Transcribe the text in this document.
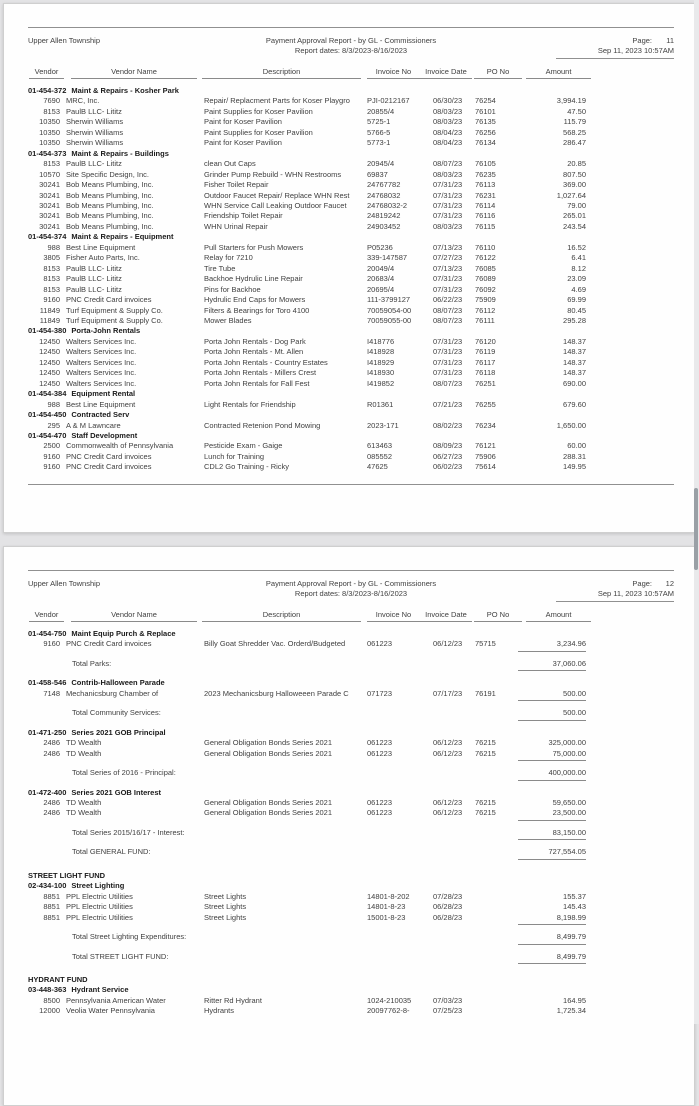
Upper Allen Township	Payment Approval Report - by GL - Commissioners
Report dates: 8/3/2023-8/16/2023
Page: 11
Sep 11, 2023 10:57AM
Vendor	Vendor Name	Description	Invoice No	Invoice Date	PO No	Amount
01-454-372 Maint & Repairs - Kosher Park
7690 MRC, Inc.	Repair/ Replacment Parts for Koser Playgro	PJI-0212167	06/30/23	76254	3,994.19
8153 PaulB LLC- Lititz	Paint Supplies for Koser Pavilion	20855/4	08/03/23	76101	47.50
10350 Sherwin Williams	Paint for Koser Pavilion	5725-1	08/03/23	76135	115.79
10350 Sherwin Williams	Paint Supplies for Koser Pavilion	5766-5	08/04/23	76256	568.25
10350 Sherwin Williams	Paint for Koser Pavilion	5773-1	08/04/23	76134	286.47
01-454-373 Maint & Repairs - Buildings
8153 PaulB LLC- Lititz	clean Out Caps	20945/4	08/07/23	76105	20.85
10570 Site Specific Design, Inc.	Grinder Pump Rebuild - WHN Restrooms	69837	08/03/23	76235	807.50
30241 Bob Means Plumbing, Inc.	Fisher Toilet Repair	24767782	07/31/23	76113	369.00
30241 Bob Means Plumbing, Inc.	Outdoor Faucet Repair/ Replace WHN Rest	24768032	07/31/23	76231	1,027.64
30241 Bob Means Plumbing, Inc.	WHN Service Call Leaking Outdoor Faucet	24768032-2	07/31/23	76114	79.00
30241 Bob Means Plumbing, Inc.	Friendship Toilet Repair	24819242	07/31/23	76116	265.01
30241 Bob Means Plumbing, Inc.	WHN Urinal Repair	24903452	08/03/23	76115	243.54
01-454-374 Maint & Repairs - Equipment
988 Best Line Equipment	Pull Starters for Push Mowers	P05236	07/13/23	76110	16.52
3805 Fisher Auto Parts, Inc.	Relay for 7210	339-147587	07/27/23	76122	6.41
8153 PaulB LLC- Lititz	Tire Tube	20049/4	07/13/23	76085	8.12
8153 PaulB LLC- Lititz	Backhoe Hydrulic Line Repair	20683/4	07/31/23	76089	23.09
8153 PaulB LLC- Lititz	Pins for Backhoe	20695/4	07/31/23	76092	4.69
9160 PNC Credit Card invoices	Hydrulic End Caps for Mowers	111-3799127	06/22/23	75909	69.99
11849 Turf Equipment & Supply Co.	Filters & Bearings for Toro 4100	70059054-00	08/07/23	76112	80.45
11849 Turf Equipment & Supply Co.	Mower Blades	70059055-00	08/07/23	76111	295.28
01-454-380 Porta-John Rentals
12450 Walters Services Inc.	Porta John Rentals - Dog Park	I418776	07/31/23	76120	148.37
12450 Walters Services Inc.	Porta John Rentals - Mt. Allen	I418928	07/31/23	76119	148.37
12450 Walters Services Inc.	Porta John Rentals - Country Estates	I418929	07/31/23	76117	148.37
12450 Walters Services Inc.	Porta John Rentals - Millers Crest	I418930	07/31/23	76118	148.37
12450 Walters Services Inc.	Porta John Rentals for Fall Fest	I419852	08/07/23	76251	690.00
01-454-384 Equipment Rental
988 Best Line Equipment	Light Rentals for Friendship	R01361	07/21/23	76255	679.60
01-454-450 Contracted Serv
295 A & M Lawncare	Contracted Retenion Pond Mowing	2023-171	08/02/23	76234	1,650.00
01-454-470 Staff Development
2500 Commonwealth of Pennsylvania	Pesticide Exam - Gaige	613463	08/09/23	76121	60.00
9160 PNC Credit Card invoices	Lunch for Training	085552	06/27/23	75906	288.31
9160 PNC Credit Card invoices	CDL2 Go Training - Ricky	47625	06/02/23	75614	149.95
Upper Allen Township	Payment Approval Report - by GL - Commissioners
Report dates: 8/3/2023-8/16/2023
Page: 12
Sep 11, 2023 10:57AM
Vendor	Vendor Name	Description	Invoice No	Invoice Date	PO No	Amount
01-454-750 Maint Equip Purch & Replace
9160 PNC Credit Card invoices	Billy Goat Shredder Vac. Orderd/Budgeted	061223	06/12/23	75715	3,234.96
Total Parks:	37,060.06
01-458-546 Contrib-Halloween Parade
7148 Mechanicsburg Chamber of	2023 Mechanicsburg Halloweeen Parade C	071723	07/17/23	76191	500.00
Total Community Services:	500.00
01-471-250 Series 2021 GOB Principal
2486 TD Wealth	General Obligation Bonds Series 2021	061223	06/12/23	76215	325,000.00
2486 TD Wealth	General Obligation Bonds Series 2021	061223	06/12/23	76215	75,000.00
Total Series of 2016 - Principal:	400,000.00
01-472-400 Series 2021 GOB Interest
2486 TD Wealth	General Obligation Bonds Series 2021	061223	06/12/23	76215	59,650.00
2486 TD Wealth	General Obligation Bonds Series 2021	061223	06/12/23	76215	23,500.00
Total Series 2015/16/17 - Interest:	83,150.00
Total GENERAL FUND:	727,554.05
STREET LIGHT FUND
02-434-100 Street Lighting
8851 PPL Electric Utilities	Street Lights	14801-8-202	07/28/23	155.37
8851 PPL Electric Utilities	Street Lights	14801-8-23	06/28/23	145.43
8851 PPL Electric Utilities	Street Lights	15001-8-23	06/28/23	8,198.99
Total Street Lighting Expenditures:	8,499.79
Total STREET LIGHT FUND:	8,499.79
HYDRANT FUND
03-448-363 Hydrant Service
8500 Pennsylvania American Water	Ritter Rd Hydrant	1024-210035	07/03/23	164.95
12000 Veolia Water Pennsylvania	Hydrants	20097762-8-	07/25/23	1,725.34
